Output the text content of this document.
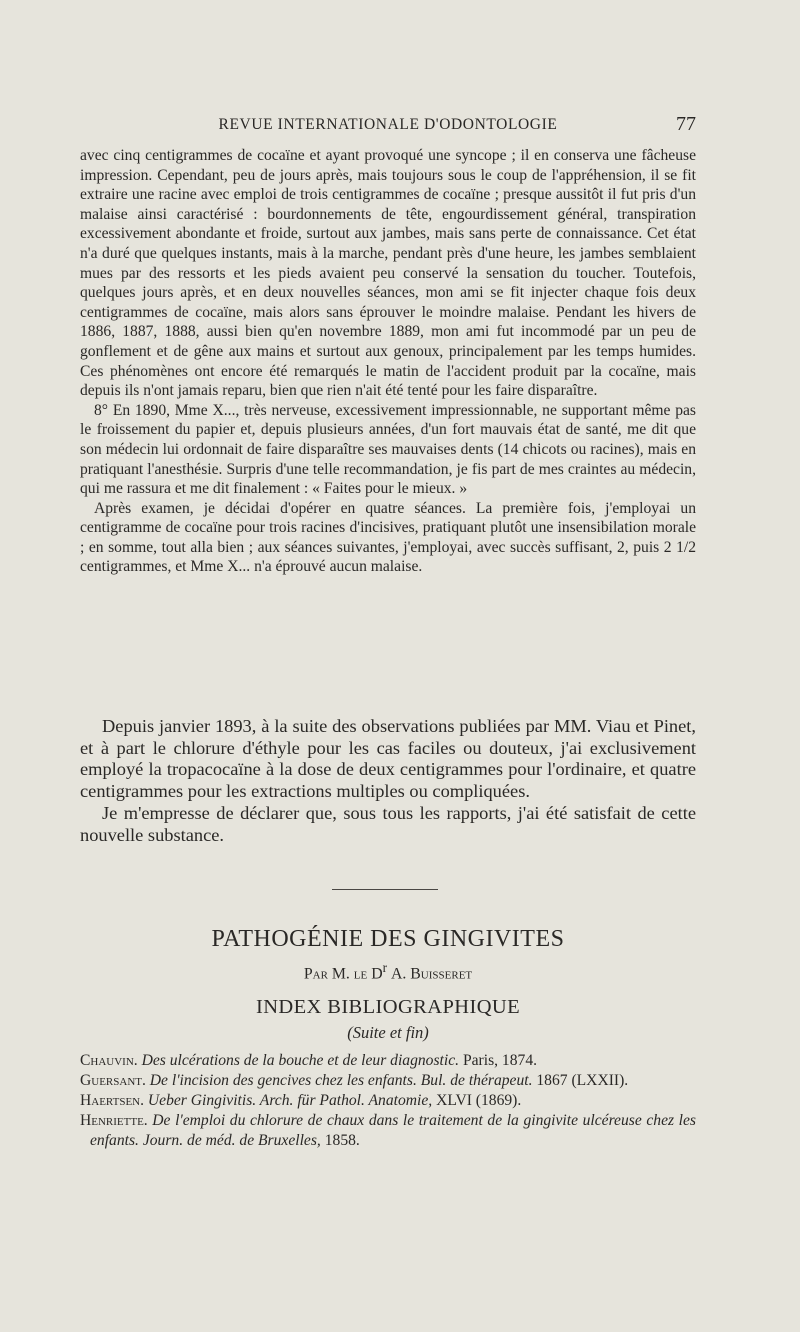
REVUE INTERNATIONALE D'ODONTOLOGIE	77

avec cinq centigrammes de cocaïne et ayant provoqué une syncope ; il en conserva une fâcheuse impression. Cependant, peu de jours après, mais toujours sous le coup de l'appréhension, il se fit extraire une racine avec emploi de trois centigrammes de cocaïne ; presque aussitôt il fut pris d'un malaise ainsi caractérisé : bourdonnements de tête, engourdissement général, transpiration excessivement abondante et froide, surtout aux jambes, mais sans perte de connaissance. Cet état n'a duré que quelques instants, mais à la marche, pendant près d'une heure, les jambes semblaient mues par des ressorts et les pieds avaient peu conservé la sensation du toucher. Toutefois, quelques jours après, et en deux nouvelles séances, mon ami se fit injecter chaque fois deux centigrammes de cocaïne, mais alors sans éprouver le moindre malaise. Pendant les hivers de 1886, 1887, 1888, aussi bien qu'en novembre 1889, mon ami fut incommodé par un peu de gonflement et de gêne aux mains et surtout aux genoux, principalement par les temps humides. Ces phénomènes ont encore été remarqués le matin de l'accident produit par la cocaïne, mais depuis ils n'ont jamais reparu, bien que rien n'ait été tenté pour les faire disparaître.

8° En 1890, Mme X..., très nerveuse, excessivement impressionnable, ne supportant même pas le froissement du papier et, depuis plusieurs années, d'un fort mauvais état de santé, me dit que son médecin lui ordonnait de faire disparaître ses mauvaises dents (14 chicots ou racines), mais en pratiquant l'anesthésie. Surpris d'une telle recommandation, je fis part de mes craintes au médecin, qui me rassura et me dit finalement : « Faites pour le mieux. »

Après examen, je décidai d'opérer en quatre séances. La première fois, j'employai un centigramme de cocaïne pour trois racines d'incisives, pratiquant plutôt une insensibilation morale ; en somme, tout alla bien ; aux séances suivantes, j'employai, avec succès suffisant, 2, puis 2 1/2 centigrammes, et Mme X... n'a éprouvé aucun malaise.

Depuis janvier 1893, à la suite des observations publiées par MM. Viau et Pinet, et à part le chlorure d'éthyle pour les cas faciles ou douteux, j'ai exclusivement employé la tropacocaïne à la dose de deux centigrammes pour l'ordinaire, et quatre centigrammes pour les extractions multiples ou compliquées.

Je m'empresse de déclarer que, sous tous les rapports, j'ai été satisfait de cette nouvelle substance.

PATHOGÉNIE DES GINGIVITES
Par M. le $D^r$ A. Buisseret
INDEX BIBLIOGRAPHIQUE
(Suite et fin)

Chauvin. Des ulcérations de la bouche et de leur diagnostic. Paris, 1874.

Guersant. De l'incision des gencives chez les enfants. Bul. de thérapeut. 1867 (LXXII).

Haertsen. Ueber Gingivitis. Arch. für Pathol. Anatomie, XLVI (1869).

Henriette. De l'emploi du chlorure de chaux dans le traitement de la gingivite ulcéreuse chez les enfants. Journ. de méd. de Bruxelles, 1858.
